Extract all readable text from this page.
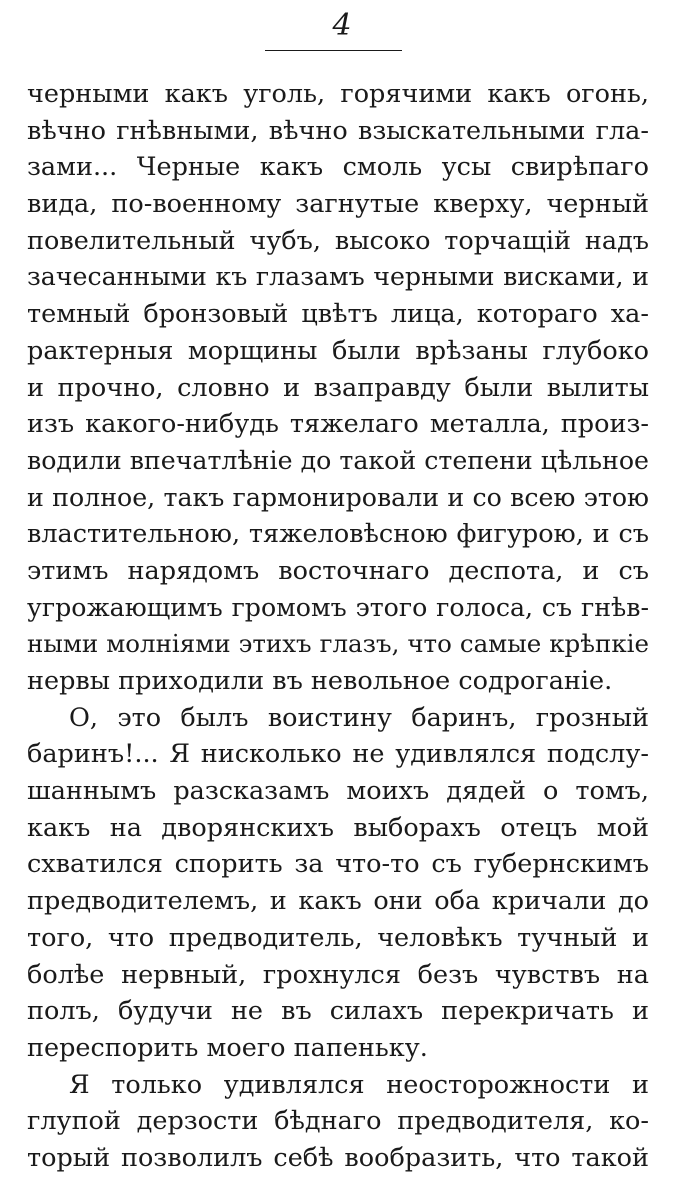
4
черными какъ уголь, горячими какъ огонь,
вѣчно гнѣвными, вѣчно взыскательными гла-
зами... Черные какъ смоль усы свирѣпаго
вида, по-военному загнутые кверху, черный
повелительный чубъ, высоко торчащій надъ
зачесанными къ глазамъ черными висками, и
темный бронзовый цвѣтъ лица, котораго ха-
рактерныя морщины были врѣзаны глубоко
и прочно, словно и взаправду были вылиты
изъ какого-нибудь тяжелаго металла, произ-
водили впечатлѣніе до такой степени цѣльное
и полное, такъ гармонировали и со всею этою
властительною, тяжеловѣсною фигурою, и съ
этимъ нарядомъ восточнаго деспота, и съ
угрожающимъ громомъ этого голоса, съ гнѣв-
ными молніями этихъ глазъ, что самые крѣпкіе
нервы приходили въ невольное содроганіе.
О, это былъ воистину баринъ, грозный
баринъ!... Я нисколько не удивлялся подслу-
шаннымъ разсказамъ моихъ дядей о томъ,
какъ на дворянскихъ выборахъ отецъ мой
схватился спорить за что-то съ губернскимъ
предводителемъ, и какъ они оба кричали до
того, что предводитель, человѣкъ тучный и
болѣе нервный, грохнулся безъ чувствъ на
полъ, будучи не въ силахъ перекричать и
переспорить моего папеньку.
Я только удивлялся неосторожности и
глупой дерзости бѣднаго предводителя, ко-
торый позволилъ себѣ вообразить, что такой
